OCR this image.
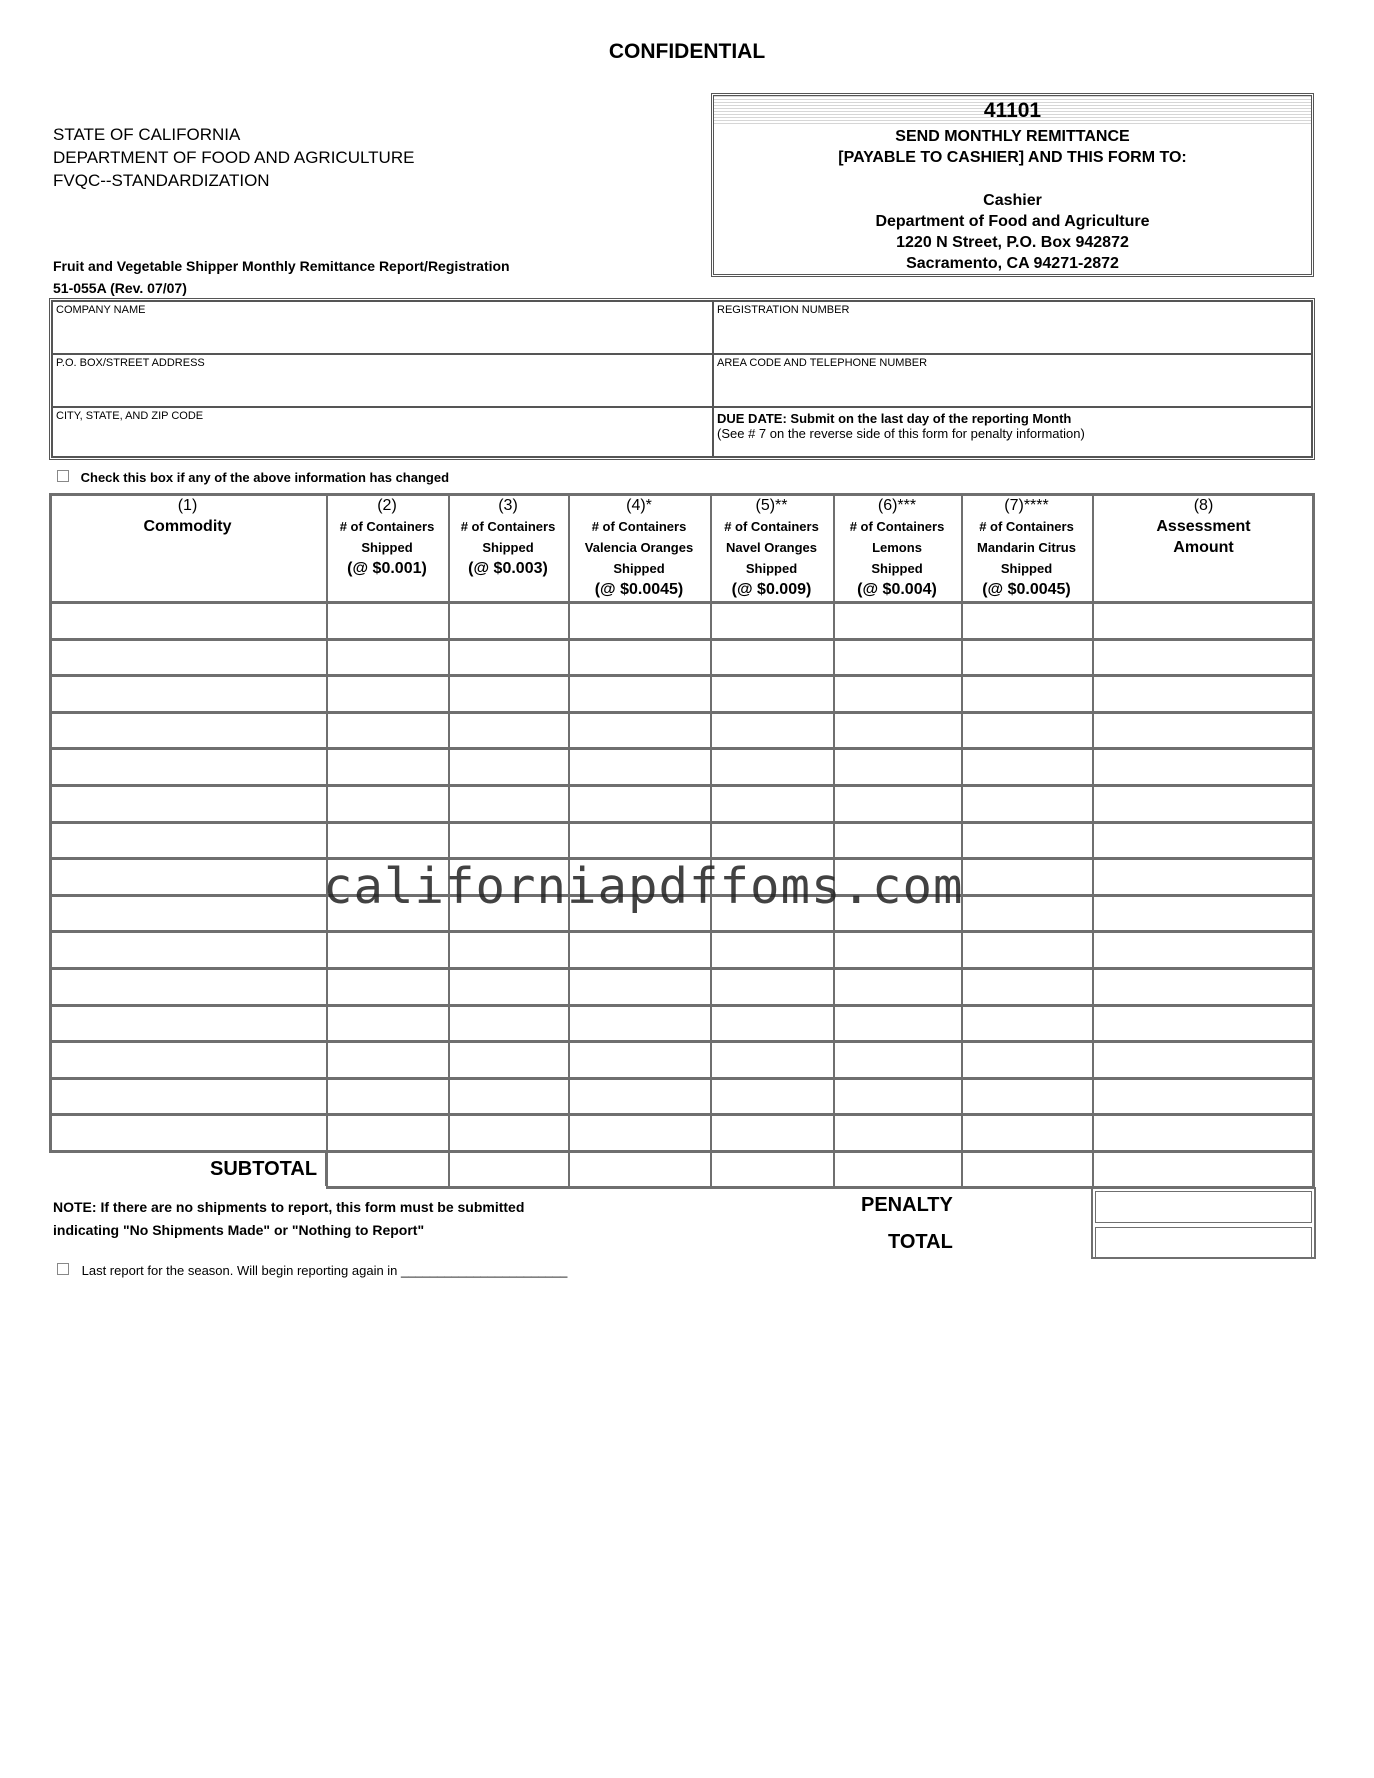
CONFIDENTIAL
STATE OF CALIFORNIA
DEPARTMENT OF FOOD AND AGRICULTURE
FVQC--STANDARDIZATION
Fruit and Vegetable Shipper Monthly Remittance Report/Registration
51-055A (Rev. 07/07)
41101
SEND MONTHLY REMITTANCE
[PAYABLE TO CASHIER] AND THIS FORM TO:
Cashier
Department of Food and Agriculture
1220 N Street, P.O. Box 942872
Sacramento, CA 94271-2872
COMPANY NAME	REGISTRATION NUMBER
P.O. BOX/STREET ADDRESS	AREA CODE AND TELEPHONE NUMBER
CITY, STATE, AND ZIP CODE	DUE DATE: Submit on the last day of the reporting Month
(See # 7 on the reverse side of this form for penalty information)
Check this box if any of the above information has changed
(1)
Commodity
(2)
# of Containers
Shipped
(@ $0.001)
(3)
# of Containers
Shipped
(@ $0.003)
(4)*
# of Containers
Valencia Oranges
Shipped
(@ $0.0045)
(5)**
# of Containers
Navel Oranges
Shipped
(@ $0.009)
(6)***
# of Containers
Lemons
Shipped
(@ $0.004)
(7)****
# of Containers
Mandarin Citrus
Shipped
(@ $0.0045)
(8)
Assessment
Amount
SUBTOTAL
NOTE: If there are no shipments to report, this form must be submitted
indicating "No Shipments Made" or "Nothing to Report"
PENALTY
TOTAL
Last report for the season. Will begin reporting again in _______________________
californiapdffoms.com
